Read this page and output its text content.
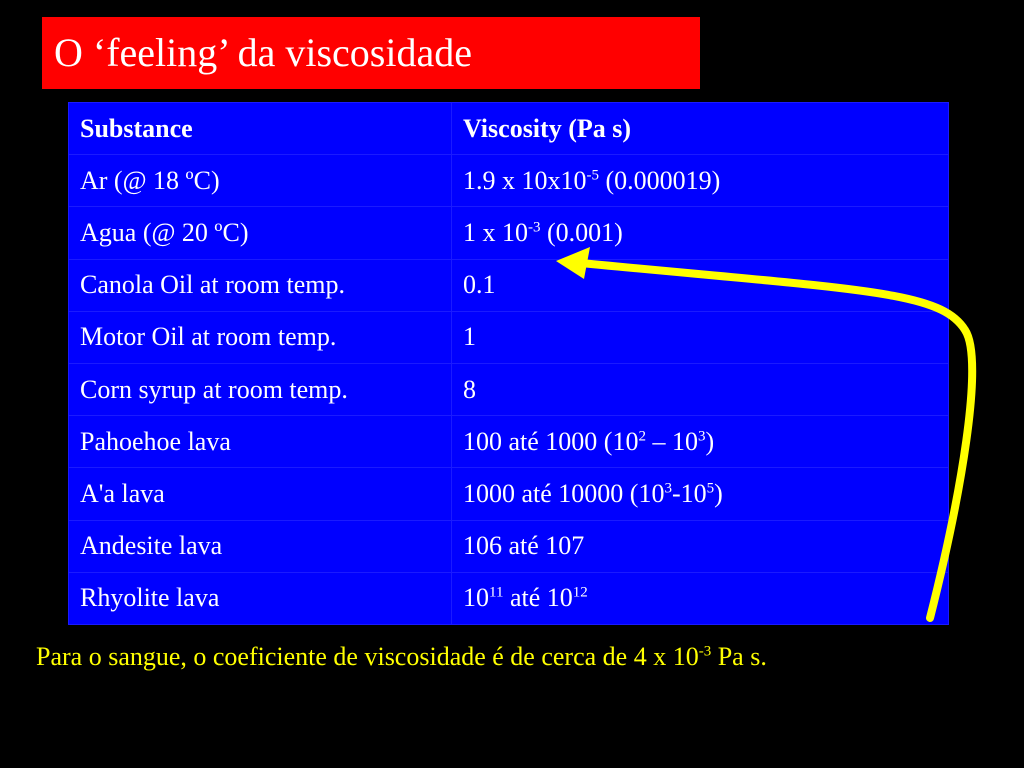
O ‘feeling’ da viscosidade
Substance	Viscosity (Pa s)
Ar (@ 18 ºC)	1.9 x $10x10^{-5}$ (0.000019)
Agua (@ 20 ºC)	1 x $10^{-3}$ (0.001)
Canola Oil at room temp.	0.1
Motor Oil at room temp.	1
Corn syrup at room temp.	8
Pahoehoe lava	100 até 1000 $(10^2 - 10^3)$
A'a lava	1000 até 10000 $(10^3-10^5)$
Andesite lava	106 até 107
Rhyolite lava	$10^{11}$ até $10^{12}$
Para o sangue, o coeficiente de viscosidade é de cerca de 4 x $10^{-3}$ Pa s.
